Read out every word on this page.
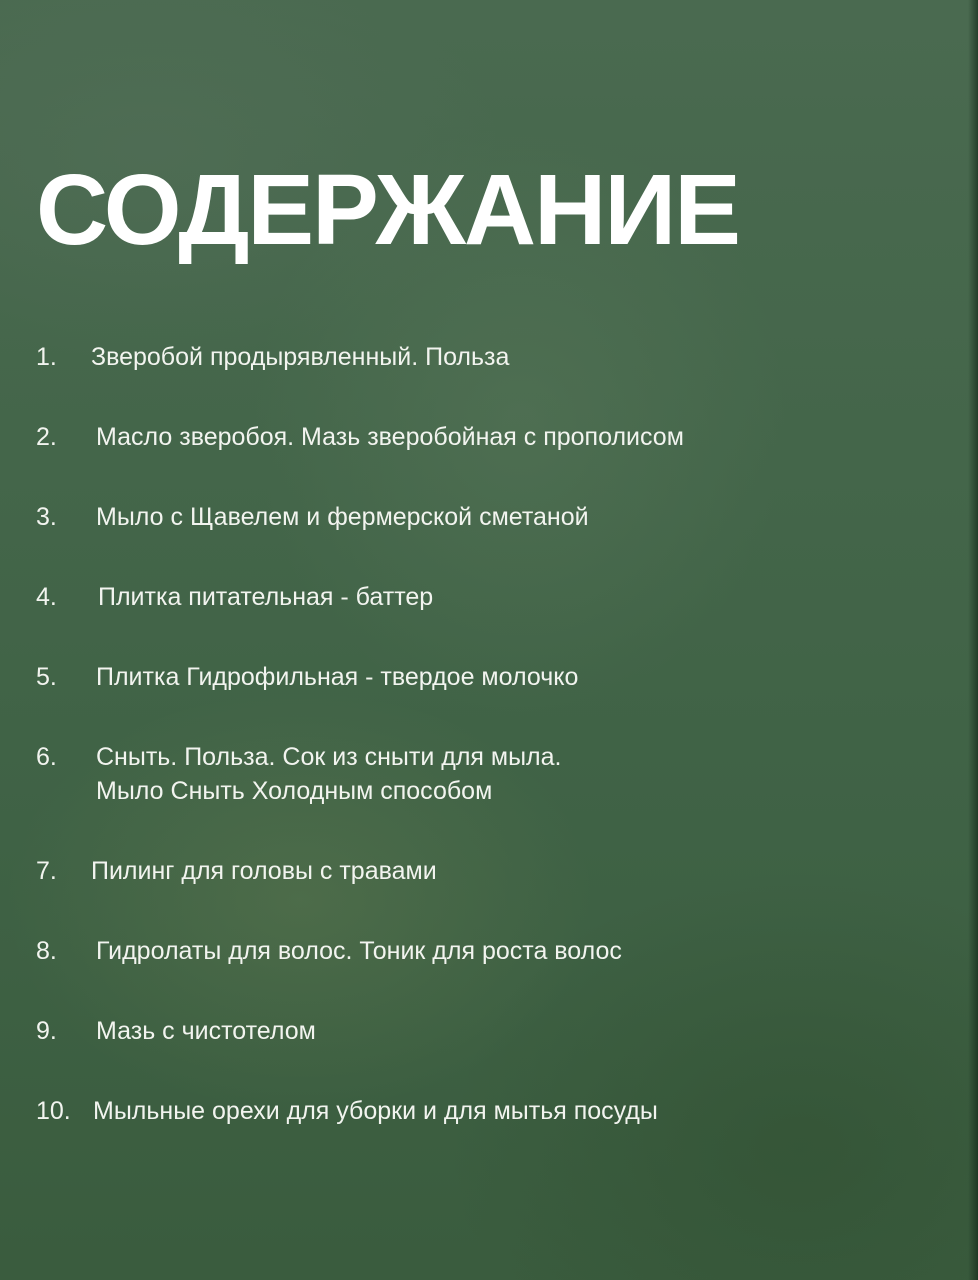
СОДЕРЖАНИЕ
1.	Зверобой продырявленный. Польза
2.	Масло зверобоя. Мазь зверобойная с прополисом
3.	Мыло с Щавелем и фермерской сметаной
4.	Плитка питательная - баттер
5.	Плитка Гидрофильная - твердое молочко
6.	Сныть. Польза. Сок из сныти для мыла.
Мыло Сныть Холодным способом
7.	Пилинг для головы с травами
8.	Гидролаты для волос. Тоник для роста волос
9.	Мазь с чистотелом
10. Мыльные орехи для уборки и для мытья посуды
